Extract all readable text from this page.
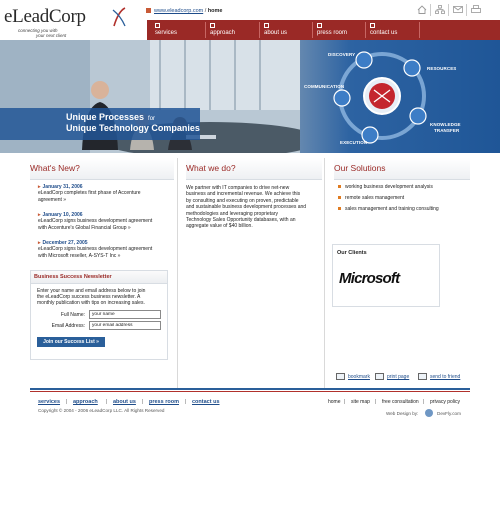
eLeadCorp
connecting you with
your next client
www.eleadcorp.com / home
services	approach	about us	press room	contact us
Unique Processes for
Unique Technology Companies
DISCOVERY
RESOURCES
COMMUNICATION
KNOWLEDGE
TRANSFER
EXECUTION
What's New?	What we do?	Our Solutions
▸ January 31, 2006
eLeadCorp completes first phase of Accenture
agreement »
▸ January 10, 2006
eLeadCorp signs business development agreement
with Accenture's Global Financial Group »
▸ December 27, 2005
eLeadCorp signs business development agreement
with Microsoft reseller, A-SYS-T Inc »
Business Success Newsletter
Enter your name and email address below to join
the eLeadCorp success business newsletter. A
monthly publication with tips on increasing sales.
Full Name:
your name
Email Address:
your email address
Join our Success List »
We partner with IT companies to drive net-new
business and incremental revenue. We achieve this
by consulting and executing on proven, predictable
and sustainable business development processes and
methodologies and leveraging proprietary
Technology Sales Opportunity databases, with an
aggregate value of $40 billion.
working business development analysis
remote sales management
sales management and training consulting
Our Clients
Microsoft
bookmark	print page	send to friend
services | approach | about us | press room | contact us	home | site map | free consultation | privacy policy
Copyright © 2004 - 2006 eLeadCorp LLC. All Rights Reserved
Web Design by:	DevFly.com
